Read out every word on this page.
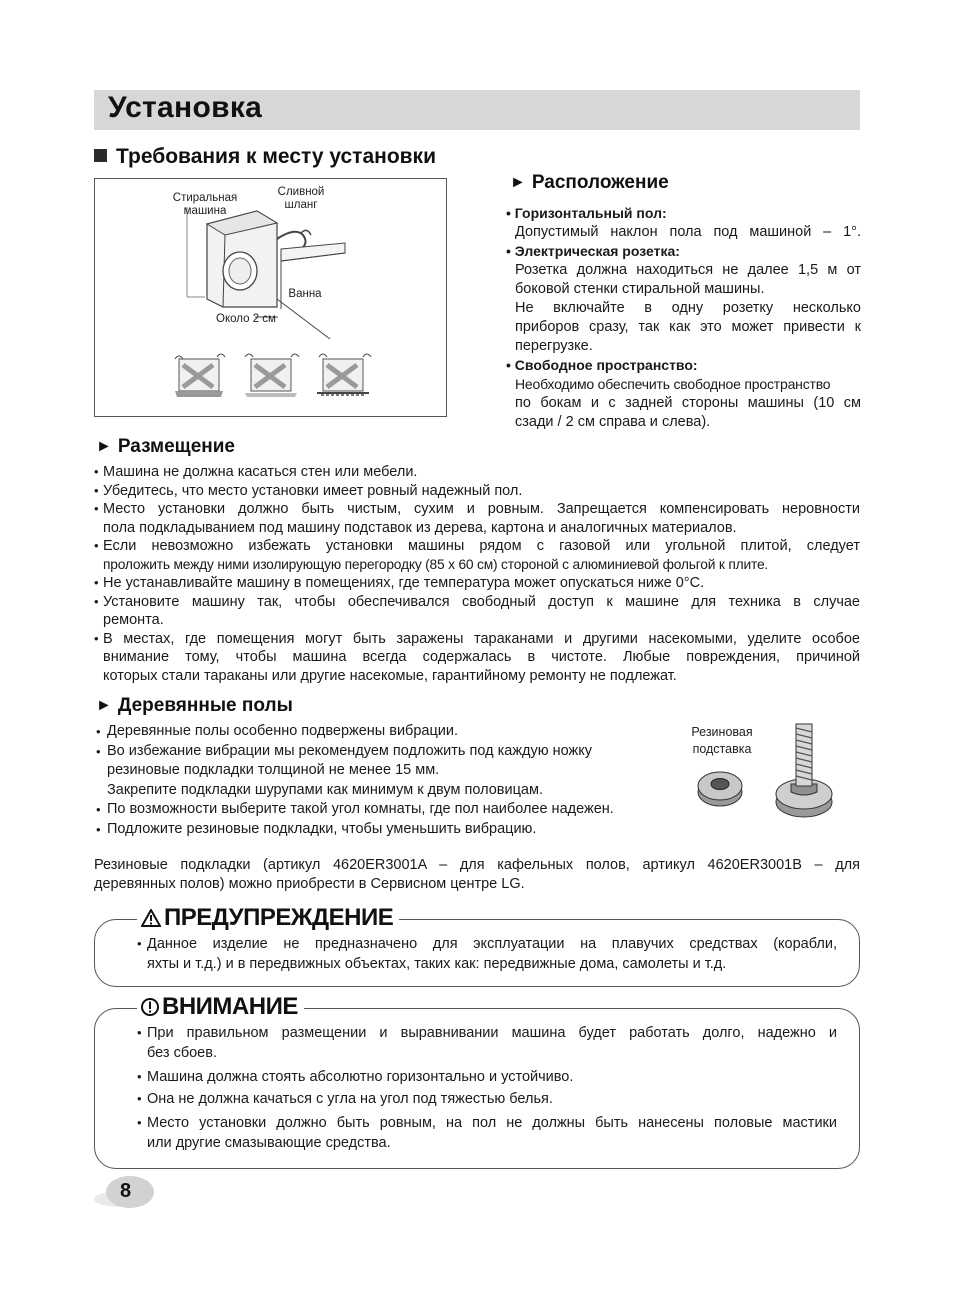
Установка
Требования к месту установки
Стиральная машина
Сливной шланг
Ванна
Около 2 см
► Расположение
• Горизонтальный пол:
Допустимый наклон пола под машиной – 1°.
• Электрическая розетка:
Розетка должна находиться не далее 1,5 м от
боковой стенки стиральной машины.
Не включайте в одну розетку несколько
приборов сразу, так как это может привести к
перегрузке.
• Свободное пространство:
Необходимо обеспечить свободное пространство
по бокам и с задней стороны машины (10 см
сзади / 2 см справа и слева).
► Размещение
• Машина не должна касаться стен или мебели.
• Убедитесь, что место установки имеет ровный надежный пол.
• Место установки должно быть чистым, сухим и ровным. Запрещается компенсировать неровности
пола подкладыванием под машину подставок из дерева, картона и аналогичных материалов.
• Если невозможно избежать установки машины рядом с газовой или угольной плитой, следует
проложить между ними изолирующую перегородку (85 x 60 см) стороной с алюминиевой фольгой к плите.
• Не устанавливайте машину в помещениях, где температура может опускаться ниже 0°С.
• Установите машину так, чтобы обеспечивался свободный доступ к машине для техника в случае
ремонта.
• В местах, где помещения могут быть заражены тараканами и другими насекомыми, уделите особое
внимание тому, чтобы машина всегда содержалась в чистоте. Любые повреждения, причиной
которых стали тараканы или другие насекомые, гарантийному ремонту не подлежат.
► Деревянные полы
• Деревянные полы особенно подвержены вибрации.
• Во избежание вибрации мы рекомендуем подложить под каждую ножку
резиновые подкладки толщиной не менее 15 мм.
Закрепите подкладки шурупами как минимум к двум половицам.
• По возможности выберите такой угол комнаты, где пол наиболее надежен.
• Подложите резиновые подкладки, чтобы уменьшить вибрацию.
Резиновая подставка
Резиновые подкладки (артикул 4620ER3001A – для кафельных полов, артикул 4620ER3001B – для
деревянных полов) можно приобрести в Сервисном центре LG.
ПРЕДУПРЕЖДЕНИЕ
• Данное изделие не предназначено для эксплуатации на плавучих средствах (корабли,
яхты и т.д.) и в передвижных объектах, таких как: передвижные дома, самолеты и т.д.
ВНИМАНИЕ
• При правильном размещении и выравнивании машина будет работать долго, надежно и
без сбоев.
• Машина должна стоять абсолютно горизонтально и устойчиво.
• Она не должна качаться с угла на угол под тяжестью белья.
• Место установки должно быть ровным, на пол не должны быть нанесены половые мастики
или другие смазывающие средства.
8
